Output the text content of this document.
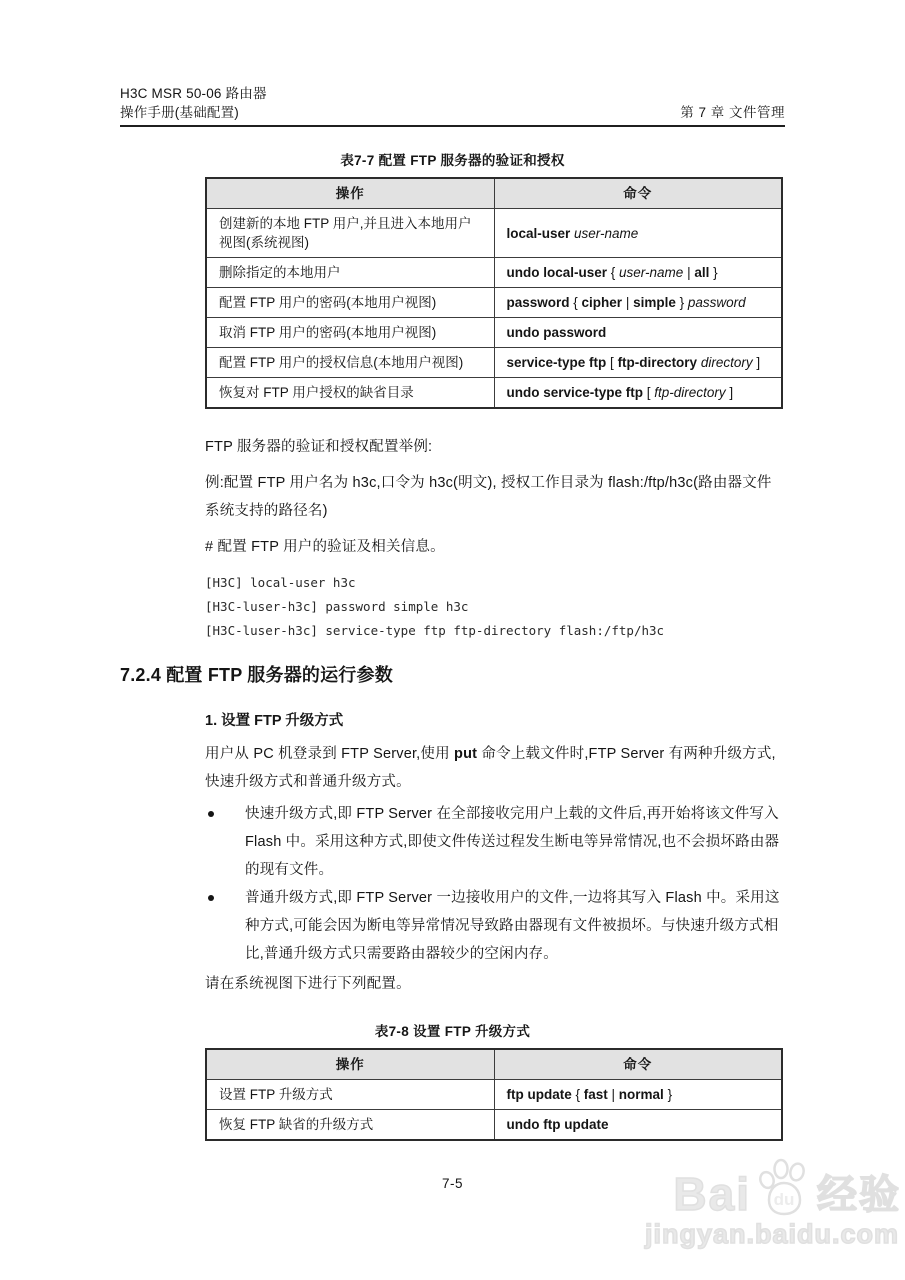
H3C MSR 50-06 路由器
操作手册(基础配置)	第 7 章 文件管理
表7-7 配置 FTP 服务器的验证和授权
操作	命令
创建新的本地 FTP 用户,并且进入本地用户视图(系统视图)	local-user user-name
删除指定的本地用户	undo local-user { user-name | all }
配置 FTP 用户的密码(本地用户视图)	password { cipher | simple } password
取消 FTP 用户的密码(本地用户视图)	undo password
配置 FTP 用户的授权信息(本地用户视图)	service-type ftp [ ftp-directory directory ]
恢复对 FTP 用户授权的缺省目录	undo service-type ftp [ ftp-directory ]

FTP 服务器的验证和授权配置举例:

例:配置 FTP 用户名为 h3c,口令为 h3c(明文), 授权工作目录为 flash:/ftp/h3c(路由器文件系统支持的路径名)

# 配置 FTP 用户的验证及相关信息。

[H3C] local-user h3c
[H3C-luser-h3c] password simple h3c
[H3C-luser-h3c] service-type ftp ftp-directory flash:/ftp/h3c
7.2.4 配置 FTP 服务器的运行参数
1. 设置 FTP 升级方式

用户从 PC 机登录到 FTP Server,使用 put 命令上载文件时,FTP Server 有两种升级方式,快速升级方式和普通升级方式。

快速升级方式,即 FTP Server 在全部接收完用户上载的文件后,再开始将该文件写入 Flash 中。采用这种方式,即使文件传送过程发生断电等异常情况,也不会损坏路由器的现有文件。
普通升级方式,即 FTP Server 一边接收用户的文件,一边将其写入 Flash 中。采用这种方式,可能会因为断电等异常情况导致路由器现有文件被损坏。与快速升级方式相比,普通升级方式只需要路由器较少的空闲内存。

请在系统视图下进行下列配置。

表7-8 设置 FTP 升级方式
操作	命令
设置 FTP 升级方式	ftp update { fast | normal }
恢复 FTP 缺省的升级方式	undo ftp update
7-5	Bai du 经验
jingyan.baidu.com
